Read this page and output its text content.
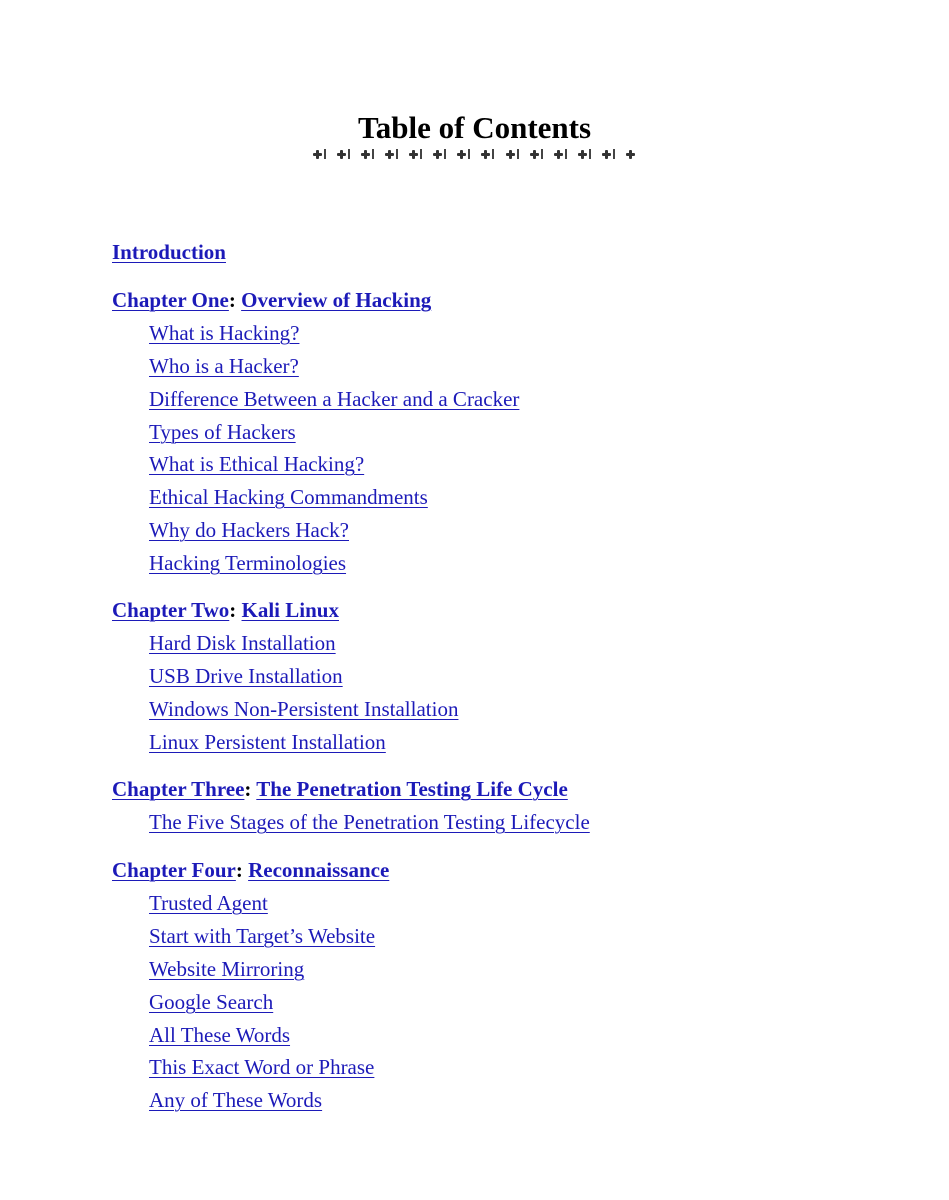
Table of Contents
Introduction
Chapter One: Overview of Hacking
What is Hacking?
Who is a Hacker?
Difference Between a Hacker and a Cracker
Types of Hackers
What is Ethical Hacking?
Ethical Hacking Commandments
Why do Hackers Hack?
Hacking Terminologies
Chapter Two: Kali Linux
Hard Disk Installation
USB Drive Installation
Windows Non-Persistent Installation
Linux Persistent Installation
Chapter Three: The Penetration Testing Life Cycle
The Five Stages of the Penetration Testing Lifecycle
Chapter Four: Reconnaissance
Trusted Agent
Start with Target’s Website
Website Mirroring
Google Search
All These Words
This Exact Word or Phrase
Any of These Words
